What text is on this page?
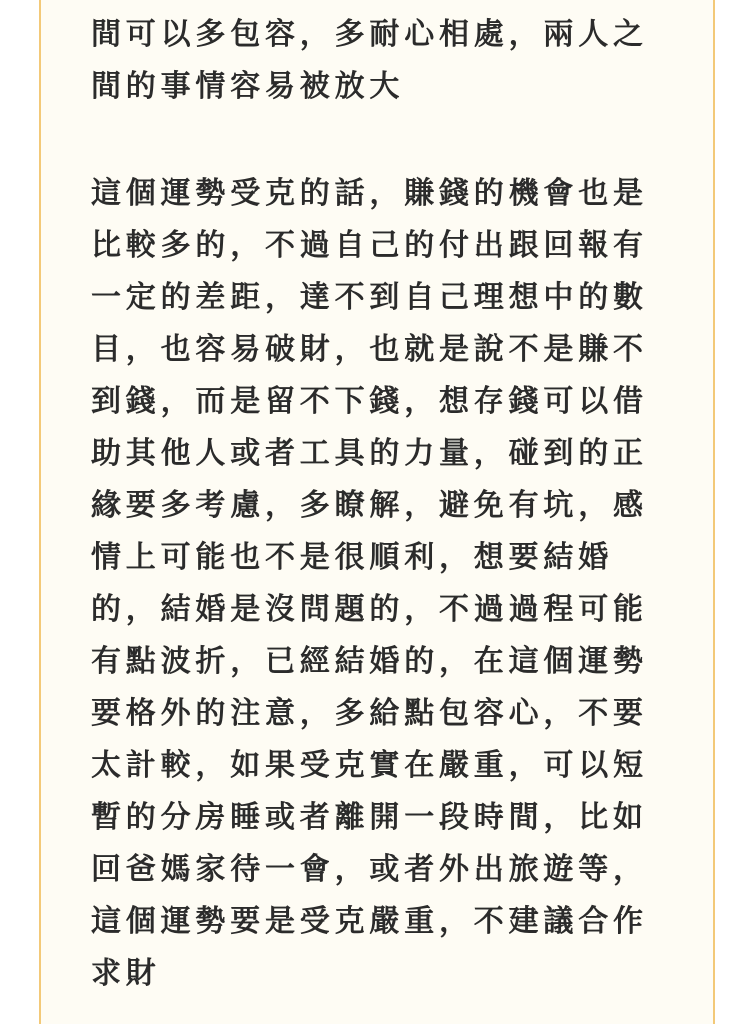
間可以多包容，多耐心相處，兩人之
間的事情容易被放大

這個運勢受克的話，賺錢的機會也是
比較多的，不過自己的付出跟回報有
一定的差距，達不到自己理想中的數
目，也容易破財，也就是說不是賺不
到錢，而是留不下錢，想存錢可以借
助其他人或者工具的力量，碰到的正
緣要多考慮，多瞭解，避免有坑，感
情上可能也不是很順利，想要結婚
的，結婚是沒問題的，不過過程可能
有點波折，已經結婚的，在這個運勢
要格外的注意，多給點包容心，不要
太計較，如果受克實在嚴重，可以短
暫的分房睡或者離開一段時間，比如
回爸媽家待一會，或者外出旅遊等，
這個運勢要是受克嚴重，不建議合作
求財
